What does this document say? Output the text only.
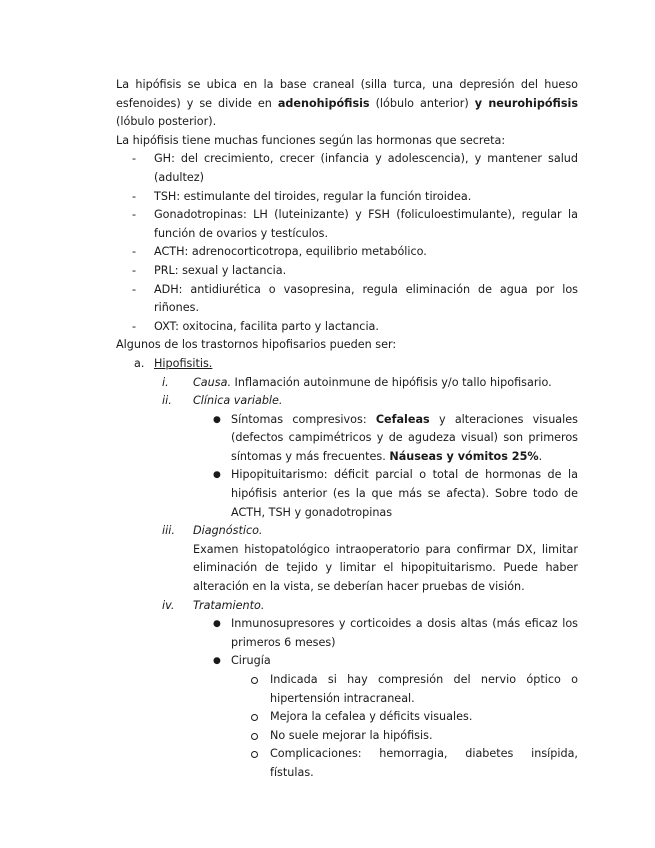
La hipófisis se ubica en la base craneal (silla turca, una depresión del hueso esfenoides) y se divide en adenohipófisis (lóbulo anterior) y neurohipófisis (lóbulo posterior).

La hipófisis tiene muchas funciones según las hormonas que secreta:

- GH: del crecimiento, crecer (infancia y adolescencia), y mantener salud (adultez)
- TSH: estimulante del tiroides, regular la función tiroidea.
- Gonadotropinas: LH (luteinizante) y FSH (foliculoestimulante), regular la función de ovarios y testículos.
- ACTH: adrenocorticotropa, equilibrio metabólico.
- PRL: sexual y lactancia.
- ADH: antidiurética o vasopresina, regula eliminación de agua por los riñones.
- OXT: oxitocina, facilita parto y lactancia.

Algunos de los trastornos hipofisarios pueden ser:

a. Hipofisitis.
i. Causa. Inflamación autoinmune de hipófisis y/o tallo hipofisario.
ii. Clínica variable.
● Síntomas compresivos: Cefaleas y alteraciones visuales (defectos campimétricos y de agudeza visual) son primeros síntomas y más frecuentes. Náuseas y vómitos 25%.
● Hipopituitarismo: déficit parcial o total de hormonas de la hipófisis anterior (es la que más se afecta). Sobre todo de ACTH, TSH y gonadotropinas
iii. Diagnóstico.
Examen histopatológico intraoperatorio para confirmar DX, limitar eliminación de tejido y limitar el hipopituitarismo. Puede haber alteración en la vista, se deberían hacer pruebas de visión.
iv. Tratamiento.
● Inmunosupresores y corticoides a dosis altas (más eficaz los primeros 6 meses)
● Cirugía
Indicada si hay compresión del nervio óptico o hipertensión intracraneal.
Mejora la cefalea y déficits visuales.
No suele mejorar la hipófisis.
Complicaciones: hemorragia, diabetes insípida, fístulas.
